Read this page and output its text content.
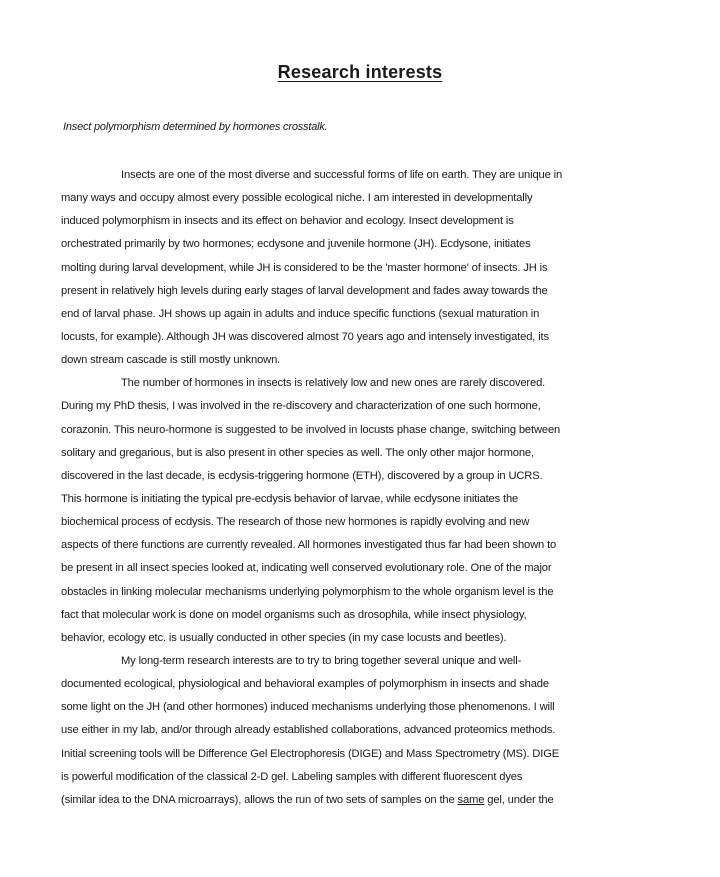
Research interests
Insect polymorphism determined by hormones crosstalk.
Insects are one of the most diverse and successful forms of life on earth. They are unique in
many ways and occupy almost every possible ecological niche. I am interested in developmentally
induced polymorphism in insects and its effect on behavior and ecology. Insect development is
orchestrated primarily by two hormones; ecdysone and juvenile hormone (JH). Ecdysone, initiates
molting during larval development, while JH is considered to be the 'master hormone' of insects. JH is
present in relatively high levels during early stages of larval development and fades away towards the
end of larval phase. JH shows up again in adults and induce specific functions (sexual maturation in
locusts, for example). Although JH was discovered almost 70 years ago and intensely investigated, its
down stream cascade is still mostly unknown.
The number of hormones in insects is relatively low and new ones are rarely discovered.
During my PhD thesis, I was involved in the re-discovery and characterization of one such hormone,
corazonin. This neuro-hormone is suggested to be involved in locusts phase change, switching between
solitary and gregarious, but is also present in other species as well. The only other major hormone,
discovered in the last decade, is ecdysis-triggering hormone (ETH), discovered by a group in UCRS.
This hormone is initiating the typical pre-ecdysis behavior of larvae, while ecdysone initiates the
biochemical process of ecdysis. The research of those new hormones is rapidly evolving and new
aspects of there functions are currently revealed. All hormones investigated thus far had been shown to
be present in all insect species looked at, indicating well conserved evolutionary role. One of the major
obstacles in linking molecular mechanisms underlying polymorphism to the whole organism level is the
fact that molecular work is done on model organisms such as drosophila, while insect physiology,
behavior, ecology etc. is usually conducted in other species (in my case locusts and beetles).
My long-term research interests are to try to bring together several unique and well-
documented ecological, physiological and behavioral examples of polymorphism in insects and shade
some light on the JH (and other hormones) induced mechanisms underlying those phenomenons. I will
use either in my lab, and/or through already established collaborations, advanced proteomics methods.
Initial screening tools will be Difference Gel Electrophoresis (DIGE) and Mass Spectrometry (MS). DIGE
is powerful modification of the classical 2-D gel. Labeling samples with different fluorescent dyes
(similar idea to the DNA microarrays), allows the run of two sets of samples on the same gel, under the
